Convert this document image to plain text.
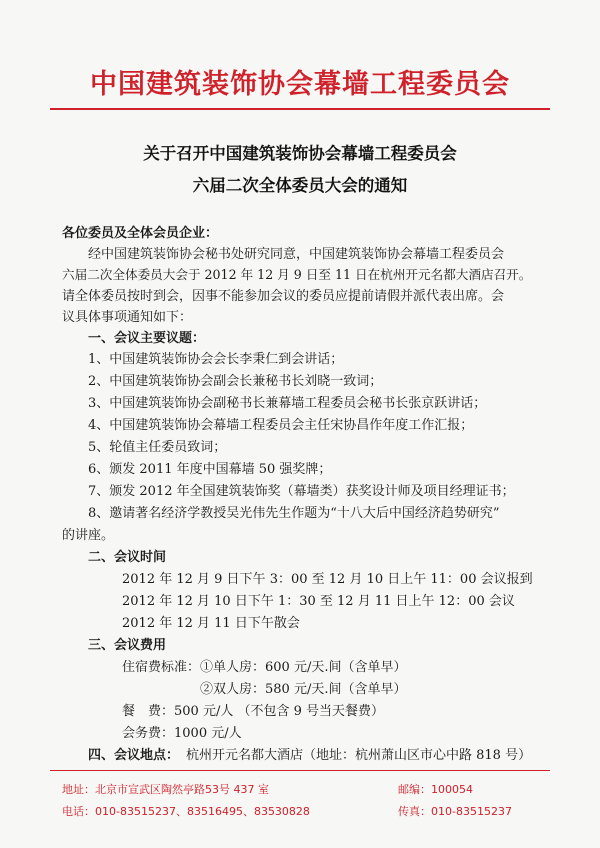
中国建筑装饰协会幕墙工程委员会
关于召开中国建筑装饰协会幕墙工程委员会
六届二次全体委员大会的通知
各位委员及全体会员企业：
经中国建筑装饰协会秘书处研究同意，中国建筑装饰协会幕墙工程委员会
六届二次全体委员大会于 2012 年 12 月 9 日至 11 日在杭州开元名都大酒店召开。
请全体委员按时到会，因事不能参加会议的委员应提前请假并派代表出席。会
议具体事项通知如下：
一、会议主要议题：
1、中国建筑装饰协会会长李秉仁到会讲话；
2、中国建筑装饰协会副会长兼秘书长刘晓一致词；
3、中国建筑装饰协会副秘书长兼幕墙工程委员会秘书长张京跃讲话；
4、中国建筑装饰协会幕墙工程委员会主任宋协昌作年度工作汇报；
5、轮值主任委员致词；
6、颁发 2011 年度中国幕墙 50 强奖牌；
7、颁发 2012 年全国建筑装饰奖（幕墙类）获奖设计师及项目经理证书；
8、邀请著名经济学教授吴光伟先生作题为“十八大后中国经济趋势研究”
的讲座。
二、会议时间
2012 年 12 月 9 日下午 3：00 至 12 月 10 日上午 11：00 会议报到
2012 年 12 月 10 日下午 1：30 至 12 月 11 日上午 12：00 会议
2012 年 12 月 11 日下午散会
三、会议费用
住宿费标准： ①单人房：600 元/天.间（含单早）
②双人房：580 元/天.间（含单早）
餐　费：500 元/人 （不包含 9 号当天餐费）
会务费：1000 元/人
四、会议地点： 杭州开元名都大酒店（地址：杭州萧山区市心中路 818 号）
地址：北京市宣武区陶然亭路53号 437 室	邮编：100054
电话：010-83515237、83516495、83530828	传真：010-83515237
